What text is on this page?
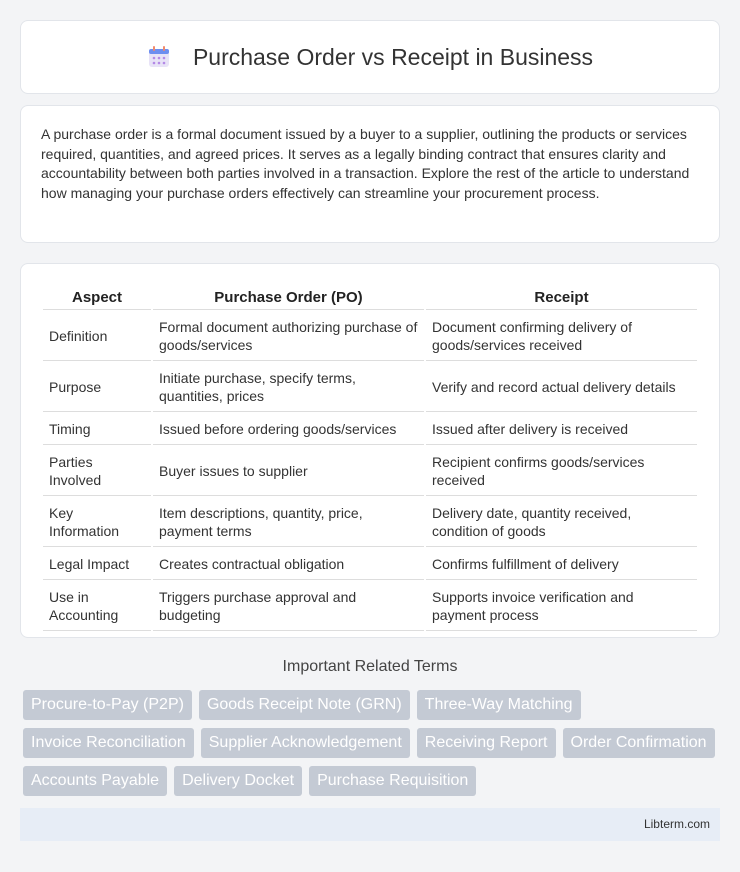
Purchase Order vs Receipt in Business

A purchase order is a formal document issued by a buyer to a supplier, outlining the products or services required, quantities, and agreed prices. It serves as a legally binding contract that ensures clarity and accountability between both parties involved in a transaction. Explore the rest of the article to understand how managing your purchase orders effectively can streamline your procurement process.

Aspect	Purchase Order (PO)	Receipt
Definition	Formal document authorizing purchase of goods/services	Document confirming delivery of goods/services received
Purpose	Initiate purchase, specify terms, quantities, prices	Verify and record actual delivery details
Timing	Issued before ordering goods/services	Issued after delivery is received
Parties Involved	Buyer issues to supplier	Recipient confirms goods/services received
Key Information	Item descriptions, quantity, price, payment terms	Delivery date, quantity received, condition of goods
Legal Impact	Creates contractual obligation	Confirms fulfillment of delivery
Use in Accounting	Triggers purchase approval and budgeting	Supports invoice verification and payment process
Important Related Terms
Procure-to-Pay (P2P)	Goods Receipt Note (GRN)	Three-Way Matching
Invoice Reconciliation	Supplier Acknowledgement	Receiving Report	Order Confirmation
Accounts Payable	Delivery Docket	Purchase Requisition
Libterm.com
